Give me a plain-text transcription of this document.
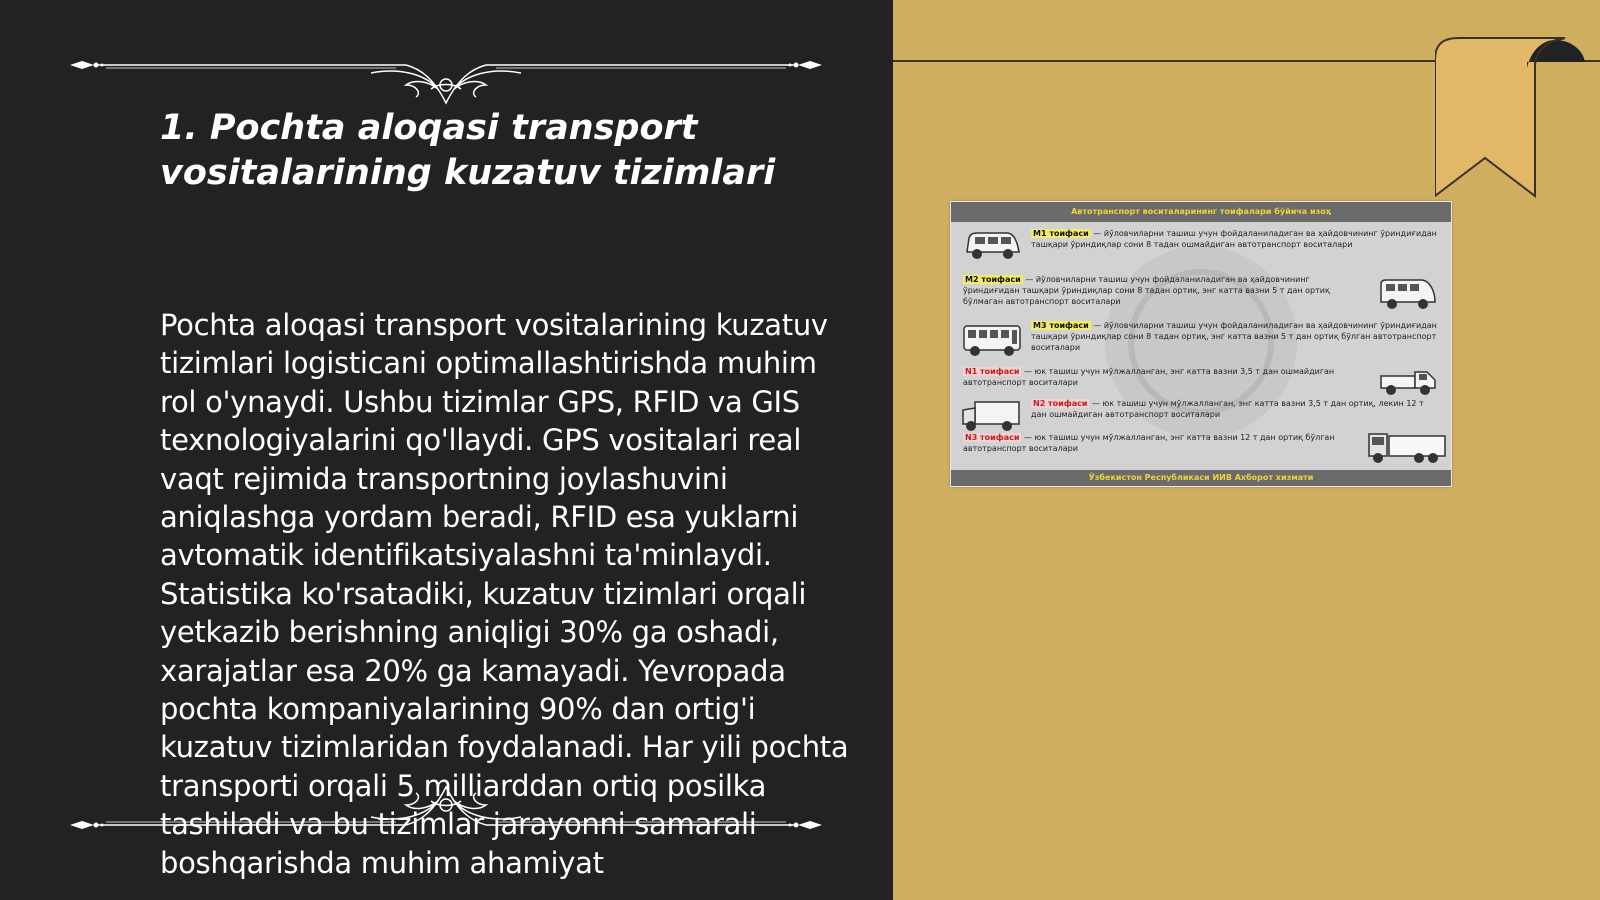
1. Pochta aloqasi transport vositalarining kuzatuv tizimlari

Pochta aloqasi transport vositalarining kuzatuv tizimlari logisticani optimallashtirishda muhim rol o'ynaydi. Ushbu tizimlar GPS, RFID va GIS texnologiyalarini qo'llaydi. GPS vositalari real vaqt rejimida transportning joylashuvini aniqlashga yordam beradi, RFID esa yuklarni avtomatik identifikatsiyalashni ta'minlaydi. Statistika ko'rsatadiki, kuzatuv tizimlari orqali yetkazib berishning aniqligi 30% ga oshadi, xarajatlar esa 20% ga kamayadi. Yevropada pochta kompaniyalarining 90% dan ortig'i kuzatuv tizimlaridan foydalanadi. Har yili pochta transporti orqali 5 milliarddan ortiq posilka tashiladi va bu tizimlar jarayonni samarali boshqarishda muhim ahamiyat

Автотранспорт воситаларининг тоифалари бўйича изоҳ
M1 тоифаси — йўловчиларни ташиш учун фойдаланиладиган ва ҳайдовчининг ўриндиғидан ташқари ўриндиқлар сони 8 тадан ошмайдиган автотранспорт воситалари
M2 тоифаси — йўловчиларни ташиш учун фойдаланиладиган ва ҳайдовчининг ўриндиғидан ташқари ўриндиқлар сони 8 тадан ортиқ, энг катта вазни 5 т дан ортиқ бўлмаган автотранспорт воситалари
M3 тоифаси — йўловчиларни ташиш учун фойдаланиладиган ва ҳайдовчининг ўриндиғидан ташқари ўриндиқлар сони 8 тадан ортиқ, энг катта вазни 5 т дан ортиқ бўлган автотранспорт воситалари
N1 тоифаси — юк ташиш учун мўлжалланган, энг катта вазни 3,5 т дан ошмайдиган автотранспорт воситалари
N2 тоифаси — юк ташиш учун мўлжалланган, энг катта вазни 3,5 т дан ортиқ, лекин 12 т дан ошмайдиган автотранспорт воситалари
N3 тоифаси — юк ташиш учун мўлжалланган, энг катта вазни 12 т дан ортиқ бўлган автотранспорт воситалари
Ўзбекистон Республикаси ИИВ Ахборот хизмати
